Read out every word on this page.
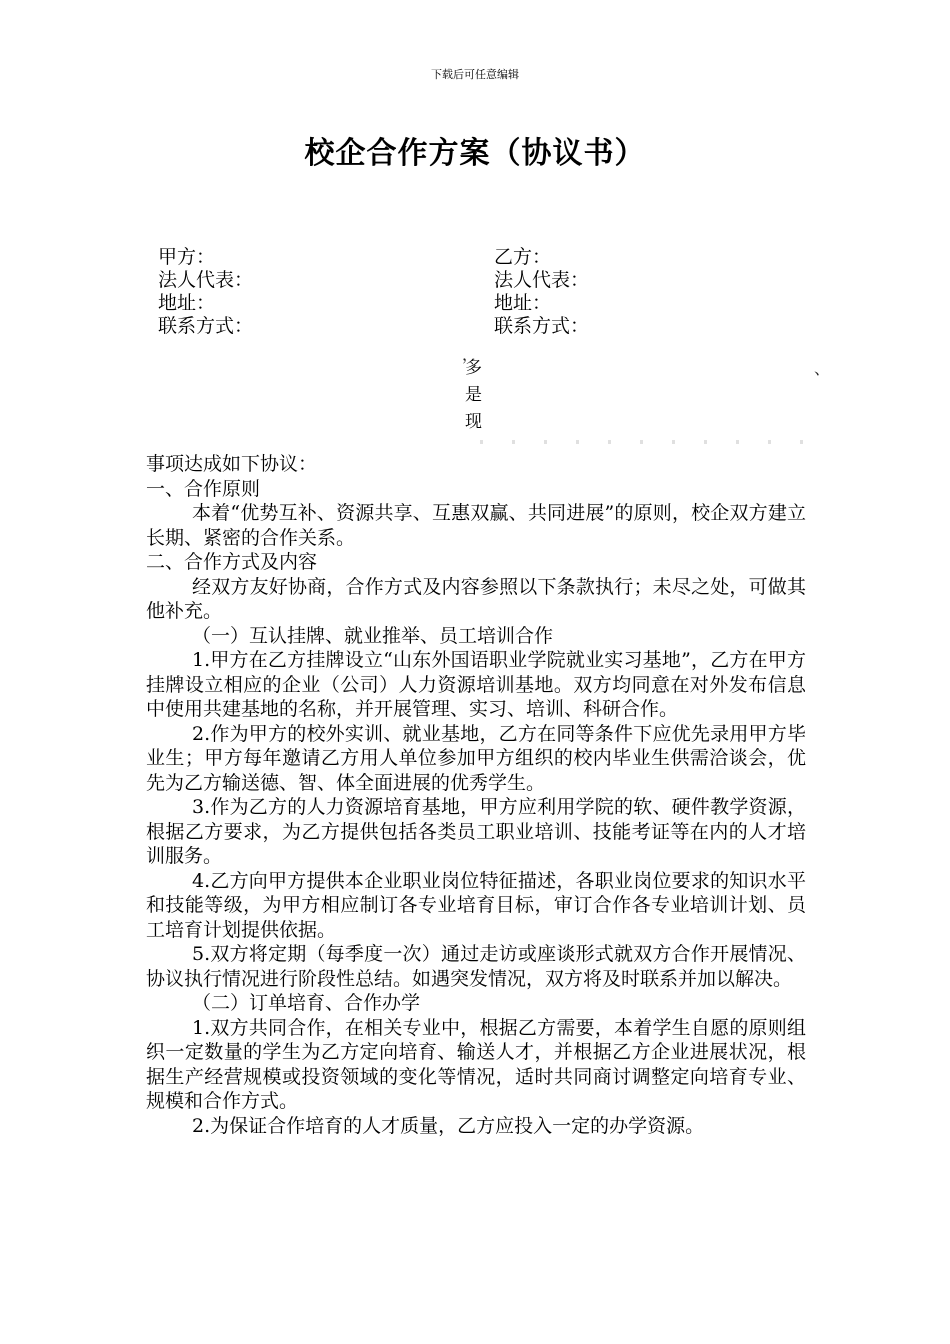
下载后可任意编辑
校企合作方案（协议书）
甲方：
法人代表：
地址：
联系方式：
乙方：
法人代表：
地址：
联系方式：
，
、
多
是
现

事项达成如下协议：

一、合作原则

本着“优势互补、资源共享、互惠双赢、共同进展”的原则，校企双方建立长期、紧密的合作关系。

二、合作方式及内容

经双方友好协商，合作方式及内容参照以下条款执行；未尽之处，可做其他补充。

（一）互认挂牌、就业推举、员工培训合作

1.甲方在乙方挂牌设立“山东外国语职业学院就业实习基地”，乙方在甲方挂牌设立相应的企业（公司）人力资源培训基地。双方均同意在对外发布信息中使用共建基地的名称，并开展管理、实习、培训、科研合作。

2.作为甲方的校外实训、就业基地，乙方在同等条件下应优先录用甲方毕业生；甲方每年邀请乙方用人单位参加甲方组织的校内毕业生供需洽谈会，优先为乙方输送德、智、体全面进展的优秀学生。

3.作为乙方的人力资源培育基地，甲方应利用学院的软、硬件教学资源，根据乙方要求，为乙方提供包括各类员工职业培训、技能考证等在内的人才培训服务。

4.乙方向甲方提供本企业职业岗位特征描述，各职业岗位要求的知识水平和技能等级，为甲方相应制订各专业培育目标，审订合作各专业培训计划、员工培育计划提供依据。

5.双方将定期（每季度一次）通过走访或座谈形式就双方合作开展情况、协议执行情况进行阶段性总结。如遇突发情况，双方将及时联系并加以解决。

（二）订单培育、合作办学

1.双方共同合作，在相关专业中，根据乙方需要，本着学生自愿的原则组织一定数量的学生为乙方定向培育、输送人才，并根据乙方企业进展状况，根据生产经营规模或投资领域的变化等情况，适时共同商讨调整定向培育专业、规模和合作方式。

2.为保证合作培育的人才质量，乙方应投入一定的办学资源。
